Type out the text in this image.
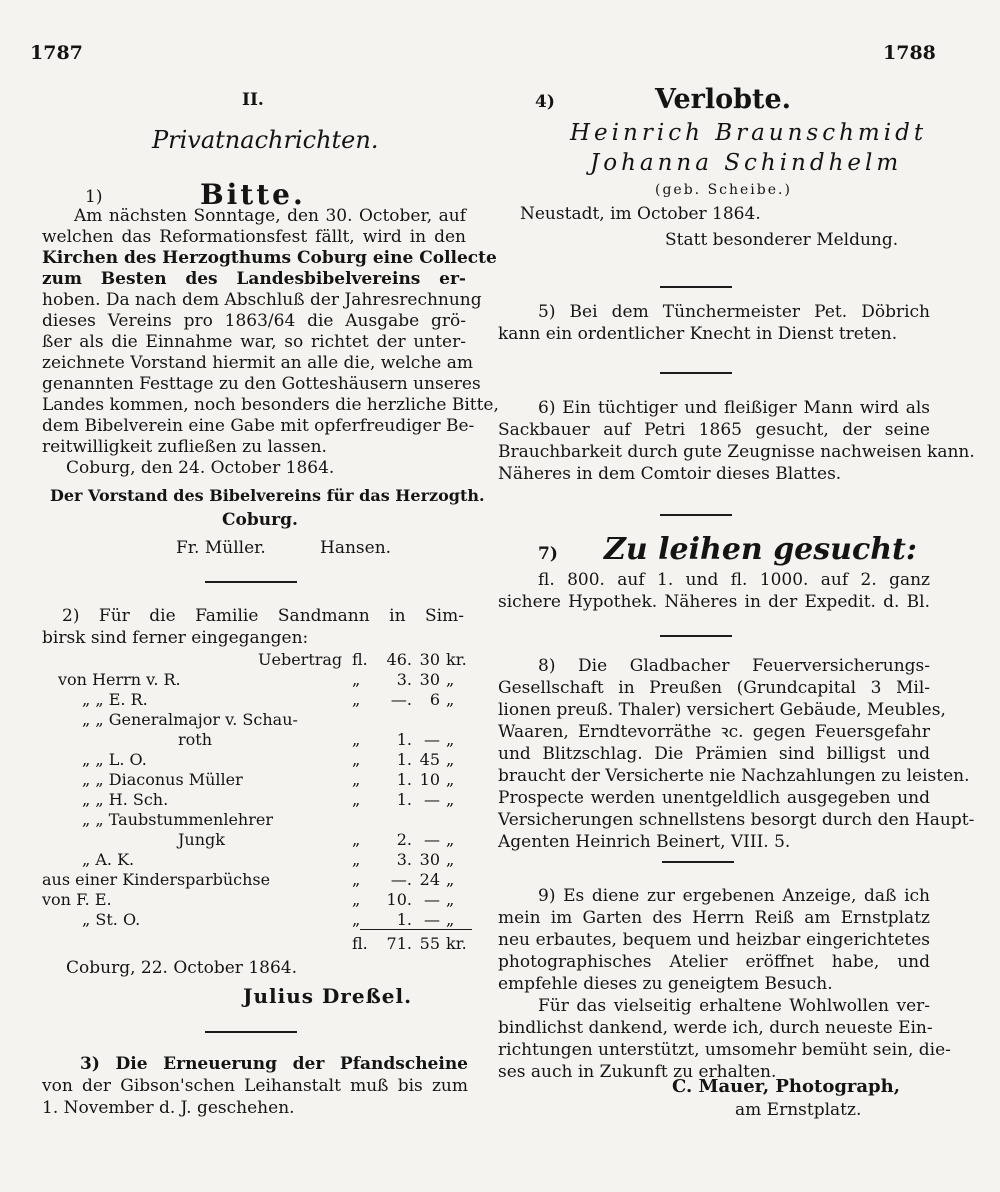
1787	1788
II.
Privatnachrichten.
1)	Bitte.
Am nächsten Sonntage, den 30. October, auf
welchen das Reformationsfest fällt, wird in den
Kirchen des Herzogthums Coburg eine Collecte
zum Besten des Landesbibelvereins er-
hoben. Da nach dem Abschluß der Jahresrechnung
dieses Vereins pro 1863/64 die Ausgabe grö-
ßer als die Einnahme war, so richtet der unter-
zeichnete Vorstand hiermit an alle die, welche am
genannten Festtage zu den Gotteshäusern unseres
Landes kommen, noch besonders die herzliche Bitte,
dem Bibelverein eine Gabe mit opferfreudiger Be-
reitwilligkeit zufließen zu lassen.
Coburg, den 24. October 1864.
Der Vorstand des Bibelvereins für das Herzogth.
Coburg.
Fr. Müller.	Hansen.
2) Für die Familie Sandmann in Sim-
birsk sind ferner eingegangen:
Uebertrag fl.	46. 30 kr.
von Herrn v. R.	„	3. 30 „
„ „ E. R.	„	—.	6 „
„ „ Generalmajor v. Schau-
roth	„	1. — „
„ „ L. O.	„	1. 45 „
„ „ Diaconus Müller	„	1. 10 „
„ „ H. Sch.	„	1. — „
„ „ Taubstummenlehrer
Jungk	„	2. — „
„ A. K.	„	3. 30 „
aus einer Kindersparbüchse	„	—. 24 „
von F. E.	„	10. — „
„ St. O.	„	1. — „
fl.	71. 55 kr.
Coburg, 22. October 1864.
Julius Dreßel.
3) Die Erneuerung der Pfandscheine
von der Gibson'schen Leihanstalt muß bis zum
1. November d. J. geschehen.
4)	Verlobte.
Heinrich Braunschmidt
Johanna Schindhelm
(geb. Scheibe.)
Neustadt, im October 1864.
Statt besonderer Meldung.
5) Bei dem Tünchermeister Pet. Döbrich
kann ein ordentlicher Knecht in Dienst treten.
6) Ein tüchtiger und fleißiger Mann wird als
Sackbauer auf Petri 1865 gesucht, der seine
Brauchbarkeit durch gute Zeugnisse nachweisen kann.
Näheres in dem Comtoir dieses Blattes.
7) Zu leihen gesucht:
fl. 800. auf 1. und fl. 1000. auf 2. ganz
sichere Hypothek. Näheres in der Expedit. d. Bl.
8) Die Gladbacher Feuerversicherungs-
Gesellschaft in Preußen (Grundcapital 3 Mil-
lionen preuß. Thaler) versichert Gebäude, Meubles,
Waaren, Erndtevorräthe ꝛc. gegen Feuersgefahr
und Blitzschlag. Die Prämien sind billigst und
braucht der Versicherte nie Nachzahlungen zu leisten.
Prospecte werden unentgeldlich ausgegeben und
Versicherungen schnellstens besorgt durch den Haupt-
Agenten Heinrich Beinert, VIII. 5.
9) Es diene zur ergebenen Anzeige, daß ich
mein im Garten des Herrn Reiß am Ernstplatz
neu erbautes, bequem und heizbar eingerichtetes
photographisches Atelier eröffnet habe, und
empfehle dieses zu geneigtem Besuch.
Für das vielseitig erhaltene Wohlwollen ver-
bindlichst dankend, werde ich, durch neueste Ein-
richtungen unterstützt, umsomehr bemüht sein, die-
ses auch in Zukunft zu erhalten.
C. Mauer, Photograph,
am Ernstplatz.
